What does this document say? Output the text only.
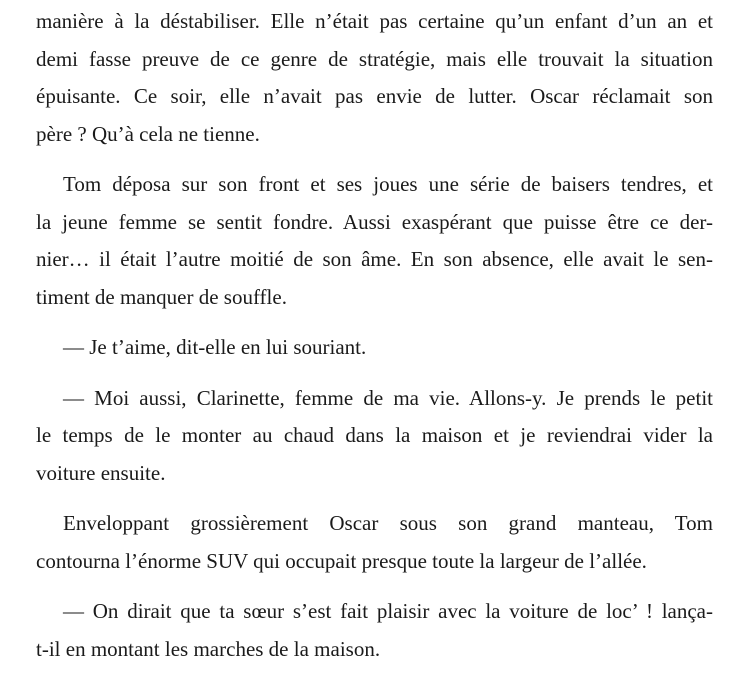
manière à la déstabiliser. Elle n’était pas certaine qu’un enfant d’un an et
demi fasse preuve de ce genre de stratégie, mais elle trouvait la situation
épuisante. Ce soir, elle n’avait pas envie de lutter. Oscar réclamait son
père ? Qu’à cela ne tienne.

Tom déposa sur son front et ses joues une série de baisers tendres, et
la jeune femme se sentit fondre. Aussi exaspérant que puisse être ce der-
nier… il était l’autre moitié de son âme. En son absence, elle avait le sen-
timent de manquer de souffle.

— Je t’aime, dit-elle en lui souriant.

— Moi aussi, Clarinette, femme de ma vie. Allons-y. Je prends le petit
le temps de le monter au chaud dans la maison et je reviendrai vider la
voiture ensuite.

Enveloppant grossièrement Oscar sous son grand manteau, Tom
contourna l’énorme SUV qui occupait presque toute la largeur de l’allée.

— On dirait que ta sœur s’est fait plaisir avec la voiture de loc’ ! lança-
t-il en montant les marches de la maison.
